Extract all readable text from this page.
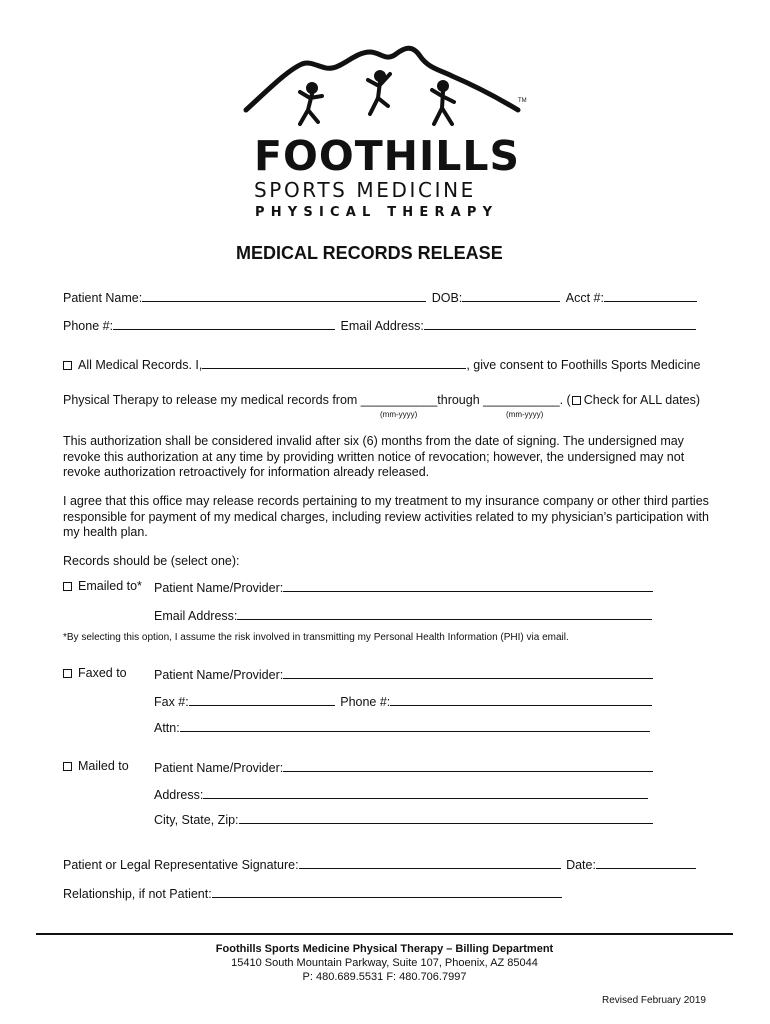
TM
FOOTHILLS
SPORTS MEDICINE
PHYSICAL THERAPY
MEDICAL RECORDS RELEASE
Patient Name:	DOB:	Acct #:
Phone #:	Email Address:
All Medical Records. I,	, give consent to Foothills Sports Medicine
Physical Therapy to release my medical records from ___________through ___________. ( Check for ALL dates)
(mm-yyyy)	(mm-yyyy)
This authorization shall be considered invalid after six (6) months from the date of signing. The undersigned may revoke this authorization at any time by providing written notice of revocation; however, the undersigned may not revoke authorization retroactively for information already released.
I agree that this office may release records pertaining to my treatment to my insurance company or other third parties responsible for payment of my medical charges, including review activities related to my physician’s participation with my health plan.
Records should be (select one):
Emailed to* Patient Name/Provider:
Email Address:
*By selecting this option, I assume the risk involved in transmitting my Personal Health Information (PHI) via email.
Faxed to Patient Name/Provider:
Fax #:	Phone #:
Attn:
Mailed to Patient Name/Provider:
Address:
City, State, Zip:
Patient or Legal Representative Signature:	Date:
Relationship, if not Patient:
Foothills Sports Medicine Physical Therapy – Billing Department
15410 South Mountain Parkway, Suite 107, Phoenix, AZ 85044
P: 480.689.5531 F: 480.706.7997
Revised February 2019
